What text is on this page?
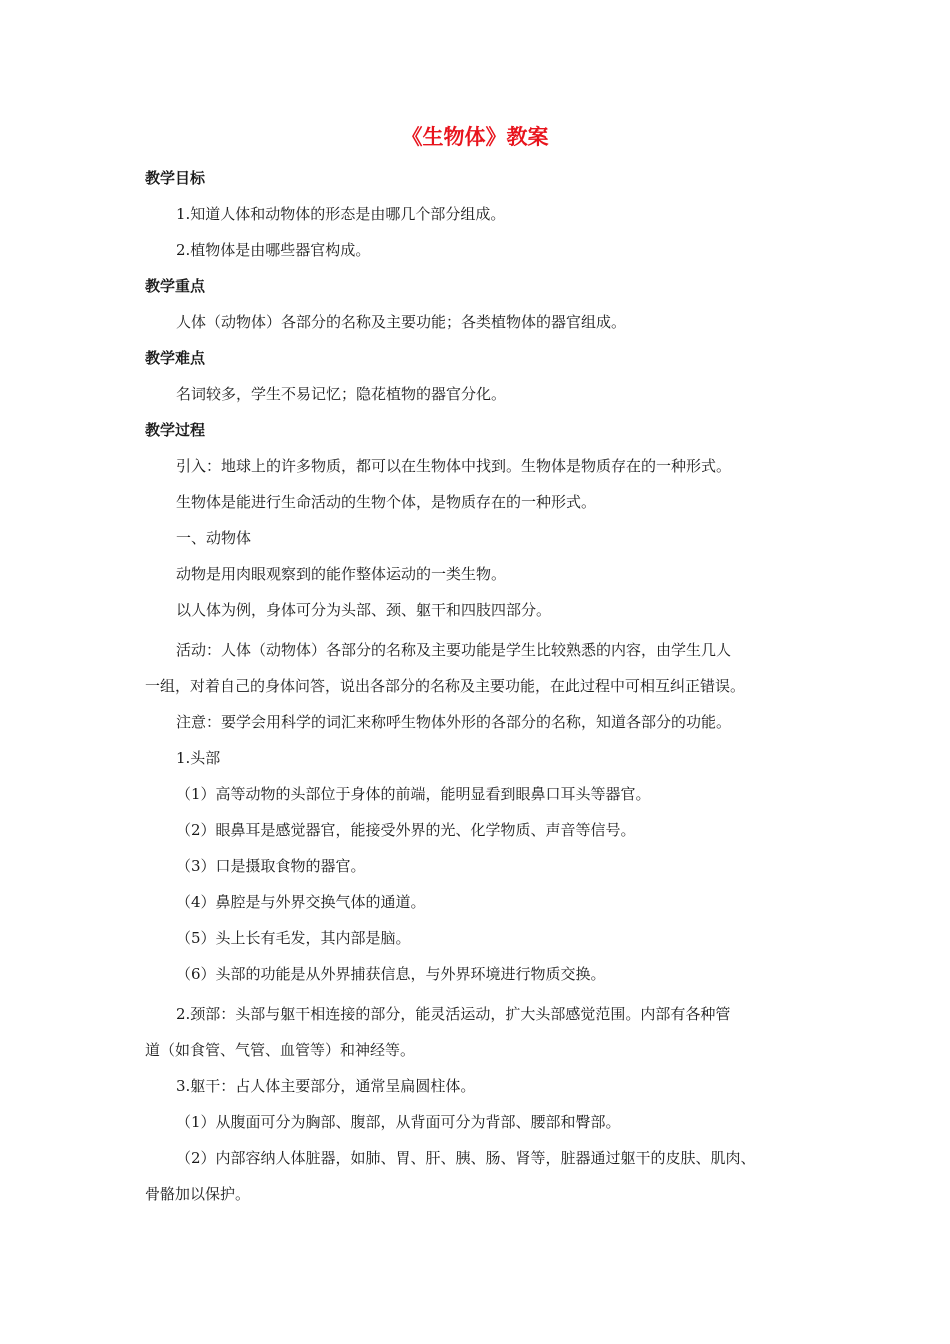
《生物体》教案
教学目标
1.知道人体和动物体的形态是由哪几个部分组成。
2.植物体是由哪些器官构成。
教学重点
人体（动物体）各部分的名称及主要功能；各类植物体的器官组成。
教学难点
名词较多，学生不易记忆；隐花植物的器官分化。
教学过程
引入：地球上的许多物质，都可以在生物体中找到。生物体是物质存在的一种形式。
生物体是能进行生命活动的生物个体，是物质存在的一种形式。
一、动物体
动物是用肉眼观察到的能作整体运动的一类生物。
以人体为例，身体可分为头部、颈、躯干和四肢四部分。
活动：人体（动物体）各部分的名称及主要功能是学生比较熟悉的内容，由学生几人
一组，对着自己的身体问答，说出各部分的名称及主要功能，在此过程中可相互纠正错误。
注意：要学会用科学的词汇来称呼生物体外形的各部分的名称，知道各部分的功能。
1.头部
（1）高等动物的头部位于身体的前端，能明显看到眼鼻口耳头等器官。
（2）眼鼻耳是感觉器官，能接受外界的光、化学物质、声音等信号。
（3）口是摄取食物的器官。
（4）鼻腔是与外界交换气体的通道。
（5）头上长有毛发，其内部是脑。
（6）头部的功能是从外界捕获信息，与外界环境进行物质交换。
2.颈部：头部与躯干相连接的部分，能灵活运动，扩大头部感觉范围。内部有各种管
道（如食管、气管、血管等）和神经等。
3.躯干：占人体主要部分，通常呈扁圆柱体。
（1）从腹面可分为胸部、腹部，从背面可分为背部、腰部和臀部。
（2）内部容纳人体脏器，如肺、胃、肝、胰、肠、肾等，脏器通过躯干的皮肤、肌肉、
骨骼加以保护。
